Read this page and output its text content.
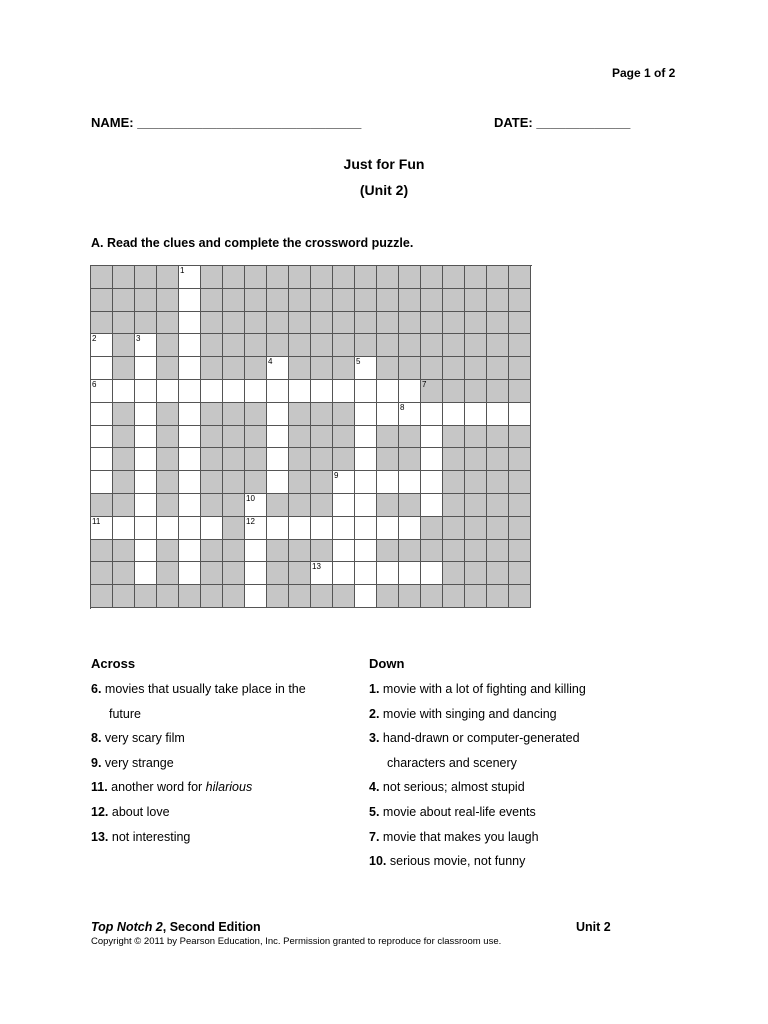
Page 1 of 2
NAME: _______________________________	DATE: _____________
Just for Fun
(Unit 2)
A. Read the clues and complete the crossword puzzle.
1
2	3
4	5
6	7
8
9
10
11	12
13
Across	Down
6. movies that usually take place in the
future
8. very scary film
9. very strange
11. another word for hilarious
12. about love
13. not interesting
1. movie with a lot of fighting and killing
2. movie with singing and dancing
3. hand-drawn or computer-generated
characters and scenery
4. not serious; almost stupid
5. movie about real-life events
7. movie that makes you laugh
10. serious movie, not funny
Top Notch 2, Second Edition	Unit 2
Copyright © 2011 by Pearson Education, Inc. Permission granted to reproduce for classroom use.
